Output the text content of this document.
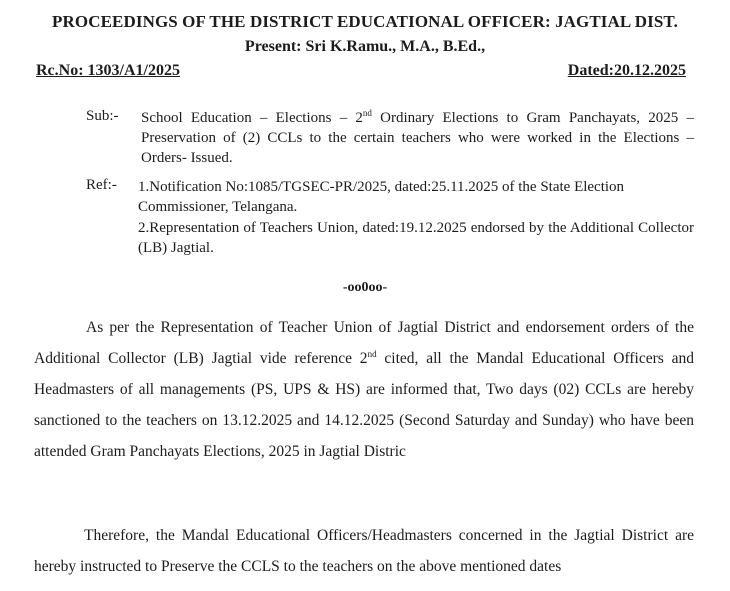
PROCEEDINGS OF THE DISTRICT EDUCATIONAL OFFICER: JAGTIAL DIST.
Present: Sri K.Ramu., M.A., B.Ed.,
Rc.No: 1303/A1/2025	Dated:20.12.2025
Sub:- School Education – Elections – 2nd Ordinary Elections to Gram Panchayats, 2025 – Preservation of (2) CCLs to the certain teachers who were worked in the Elections – Orders- Issued.
Ref:- 1.Notification No:1085/TGSEC-PR/2025, dated:25.11.2025 of the State Election Commissioner, Telangana.
2.Representation of Teachers Union, dated:19.12.2025 endorsed by the Additional Collector (LB) Jagtial.
-oo0oo-
As per the Representation of Teacher Union of Jagtial District and endorsement orders of the Additional Collector (LB) Jagtial vide reference 2nd cited, all the Mandal Educational Officers and Headmasters of all managements (PS, UPS & HS) are informed that, Two days (02) CCLs are hereby sanctioned to the teachers on 13.12.2025 and 14.12.2025 (Second Saturday and Sunday) who have been attended Gram Panchayats Elections, 2025 in Jagtial Distric
Therefore, the Mandal Educational Officers/Headmasters concerned in the Jagtial District are hereby instructed to Preserve the CCLS to the teachers on the above mentioned dates
